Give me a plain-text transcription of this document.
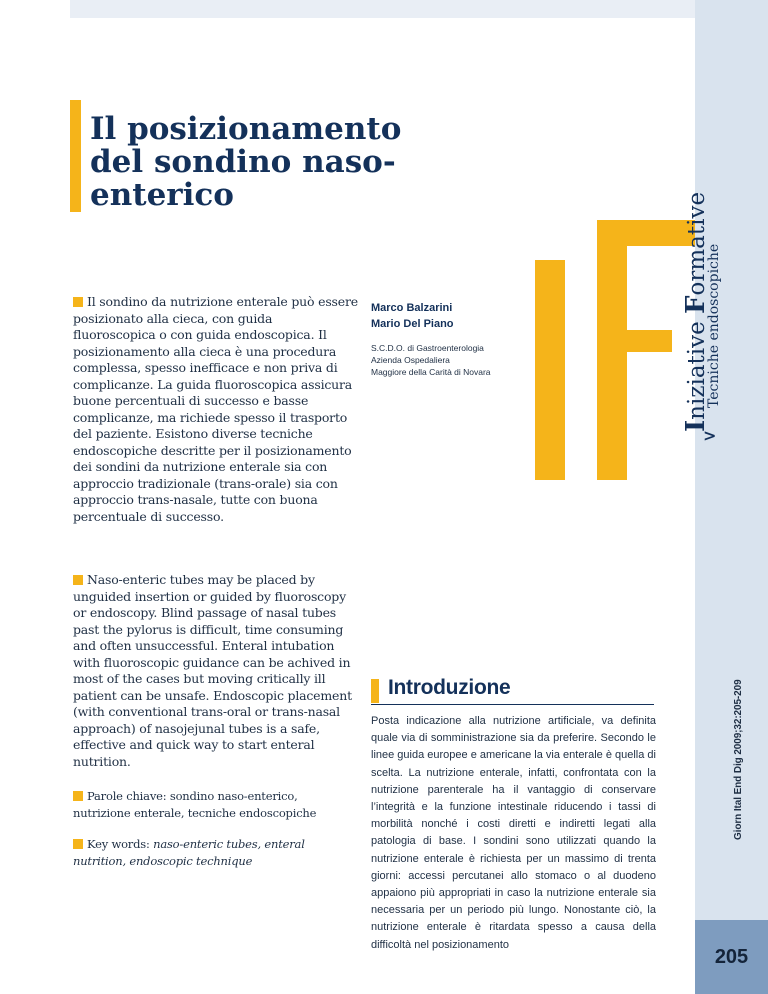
Il posizionamento del sondino naso-enterico
Iniziative Formative
>
Tecniche endoscopiche

Il sondino da nutrizione enterale può essere posizionato alla cieca, con guida fluoroscopica o con guida endoscopica. Il posizionamento alla cieca è una procedura complessa, spesso inefficace e non priva di complicanze. La guida fluoroscopica assicura buone percentuali di successo e basse complicanze, ma richiede spesso il trasporto del paziente. Esistono diverse tecniche endoscopiche descritte per il posizionamento dei sondini da nutrizione enterale sia con approccio tradizionale (trans-orale) sia con approccio trans-nasale, tutte con buona percentuale di successo.

Naso-enteric tubes may be placed by unguided insertion or guided by fluoroscopy or endoscopy. Blind passage of nasal tubes past the pylorus is difficult, time consuming and often unsuccessful. Enteral intubation with fluoroscopic guidance can be achived in most of the cases but moving critically ill patient can be unsafe. Endoscopic placement (with conventional trans-oral or trans-nasal approach) of nasojejunal tubes is a safe, effective and quick way to start enteral nutrition.

Parole chiave: sondino naso-enterico, nutrizione enterale, tecniche endoscopiche

Key words: naso-enteric tubes, enteral nutrition, endoscopic technique

Marco Balzarini
Mario Del Piano
S.C.D.O. di Gastroenterologia
Azienda Ospedaliera
Maggiore della Carità di Novara
Introduzione

Posta indicazione alla nutrizione artificiale, va definita quale via di somministrazione sia da preferire. Secondo le linee guida europee e americane la via enterale è quella di scelta. La nutrizione enterale, infatti, confrontata con la nutrizione parenterale ha il vantaggio di conservare l’integrità e la funzione intestinale riducendo i tassi di morbilità nonché i costi diretti e indiretti legati alla patologia di base. I sondini sono utilizzati quando la nutrizione enterale è richiesta per un massimo di trenta giorni: accessi percutanei allo stomaco o al duodeno appaiono più appropriati in caso la nutrizione enterale sia necessaria per un periodo più lungo. Nonostante ciò, la nutrizione enterale è ritardata spesso a causa della difficoltà nel posizionamento

Giorn Ital End Dig 2009;32:205-209
205
